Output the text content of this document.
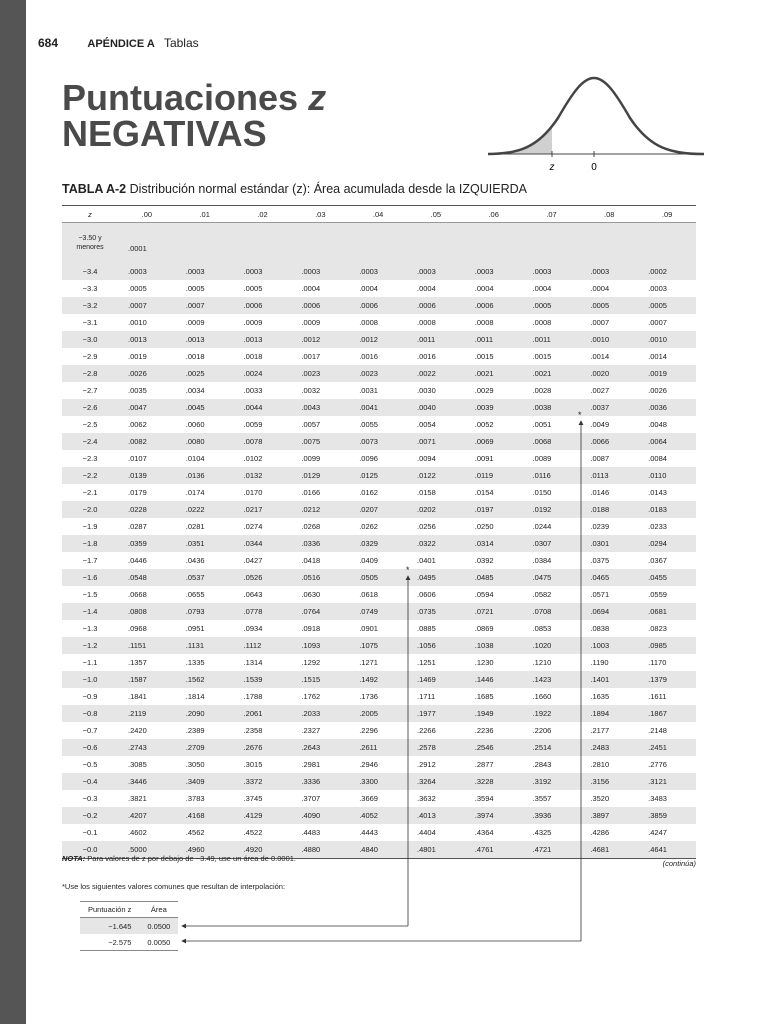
684	APÉNDICE A Tablas
Puntuaciones z
NEGATIVAS
z	0
TABLA A-2 Distribución normal estándar (z): Área acumulada desde la IZQUIERDA
z	.00	.01	.02	.03	.04	.05	.06	.07	.08	.09
−3.50 y
menores	.0001									
−3.4	.0003	.0003	.0003	.0003	.0003	.0003	.0003	.0003	.0003	.0002
−3.3	.0005	.0005	.0005	.0004	.0004	.0004	.0004	.0004	.0004	.0003
−3.2	.0007	.0007	.0006	.0006	.0006	.0006	.0006	.0005	.0005	.0005
−3.1	.0010	.0009	.0009	.0009	.0008	.0008	.0008	.0008	.0007	.0007
−3.0	.0013	.0013	.0013	.0012	.0012	.0011	.0011	.0011	.0010	.0010
−2.9	.0019	.0018	.0018	.0017	.0016	.0016	.0015	.0015	.0014	.0014
−2.8	.0026	.0025	.0024	.0023	.0023	.0022	.0021	.0021	.0020	.0019
−2.7	.0035	.0034	.0033	.0032	.0031	.0030	.0029	.0028	.0027	.0026
−2.6	.0047	.0045	.0044	.0043	.0041	.0040	.0039	.0038	.0037	.0036
−2.5	.0062	.0060	.0059	.0057	.0055	.0054	.0052	.0051	.0049	.0048
−2.4	.0082	.0080	.0078	.0075	.0073	.0071	.0069	.0068	.0066	.0064
−2.3	.0107	.0104	.0102	.0099	.0096	.0094	.0091	.0089	.0087	.0084
−2.2	.0139	.0136	.0132	.0129	.0125	.0122	.0119	.0116	.0113	.0110
−2.1	.0179	.0174	.0170	.0166	.0162	.0158	.0154	.0150	.0146	.0143
−2.0	.0228	.0222	.0217	.0212	.0207	.0202	.0197	.0192	.0188	.0183
−1.9	.0287	.0281	.0274	.0268	.0262	.0256	.0250	.0244	.0239	.0233
−1.8	.0359	.0351	.0344	.0336	.0329	.0322	.0314	.0307	.0301	.0294
−1.7	.0446	.0436	.0427	.0418	.0409	.0401	.0392	.0384	.0375	.0367
−1.6	.0548	.0537	.0526	.0516	.0505	.0495	.0485	.0475	.0465	.0455
−1.5	.0668	.0655	.0643	.0630	.0618	.0606	.0594	.0582	.0571	.0559
−1.4	.0808	.0793	.0778	.0764	.0749	.0735	.0721	.0708	.0694	.0681
−1.3	.0968	.0951	.0934	.0918	.0901	.0885	.0869	.0853	.0838	.0823
−1.2	.1151	.1131	.1112	.1093	.1075	.1056	.1038	.1020	.1003	.0985
−1.1	.1357	.1335	.1314	.1292	.1271	.1251	.1230	.1210	.1190	.1170
−1.0	.1587	.1562	.1539	.1515	.1492	.1469	.1446	.1423	.1401	.1379
−0.9	.1841	.1814	.1788	.1762	.1736	.1711	.1685	.1660	.1635	.1611
−0.8	.2119	.2090	.2061	.2033	.2005	.1977	.1949	.1922	.1894	.1867
−0.7	.2420	.2389	.2358	.2327	.2296	.2266	.2236	.2206	.2177	.2148
−0.6	.2743	.2709	.2676	.2643	.2611	.2578	.2546	.2514	.2483	.2451
−0.5	.3085	.3050	.3015	.2981	.2946	.2912	.2877	.2843	.2810	.2776
−0.4	.3446	.3409	.3372	.3336	.3300	.3264	.3228	.3192	.3156	.3121
−0.3	.3821	.3783	.3745	.3707	.3669	.3632	.3594	.3557	.3520	.3483
−0.2	.4207	.4168	.4129	.4090	.4052	.4013	.3974	.3936	.3897	.3859
−0.1	.4602	.4562	.4522	.4483	.4443	.4404	.4364	.4325	.4286	.4247
−0.0	.5000	.4960	.4920	.4880	.4840	.4801	.4761	.4721	.4681	.4641
*
*
NOTA: Para valores de z por debajo de −3.49, use un área de 0.0001.
(continúa)
*Use los siguientes valores comunes que resultan de interpolación:
Puntuación z	Área
−1.645	0.0500
−2.575	0.0050
